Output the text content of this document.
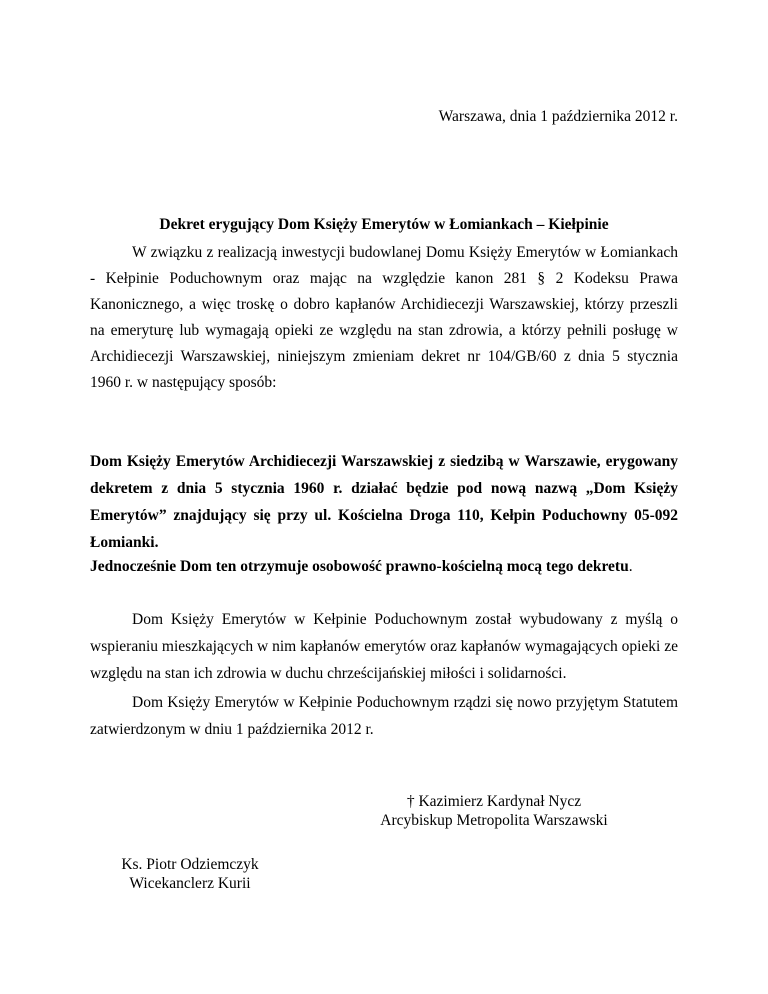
Warszawa, dnia 1 października 2012 r.
Dekret erygujący Dom Księży Emerytów w Łomiankach – Kiełpinie

W związku z realizacją inwestycji budowlanej Domu Księży Emerytów w Łomiankach - Kełpinie Poduchownym oraz mając na względzie kanon 281 § 2 Kodeksu Prawa Kanonicznego, a więc troskę o dobro kapłanów Archidiecezji Warszawskiej, którzy przeszli na emeryturę lub wymagają opieki ze względu na stan zdrowia, a którzy pełnili posługę w Archidiecezji Warszawskiej, niniejszym zmieniam dekret nr 104/GB/60 z dnia 5 stycznia 1960 r. w następujący sposób:

Dom Księży Emerytów Archidiecezji Warszawskiej z siedzibą w Warszawie, erygowany dekretem z dnia 5 stycznia 1960 r. działać będzie pod nową nazwą „Dom Księży Emerytów” znajdujący się przy ul. Kościelna Droga 110, Kełpin Poduchowny 05-092 Łomianki.

Jednocześnie Dom ten otrzymuje osobowość prawno-kościelną mocą tego dekretu.

Dom Księży Emerytów w Kełpinie Poduchownym został wybudowany z myślą o wspieraniu mieszkających w nim kapłanów emerytów oraz kapłanów wymagających opieki ze względu na stan ich zdrowia w duchu chrześcijańskiej miłości i solidarności.

Dom Księży Emerytów w Kełpinie Poduchownym rządzi się nowo przyjętym Statutem zatwierdzonym w dniu 1 października 2012 r.

† Kazimierz Kardynał Nycz
Arcybiskup Metropolita Warszawski
Ks. Piotr Odziemczyk
Wicekanclerz Kurii
